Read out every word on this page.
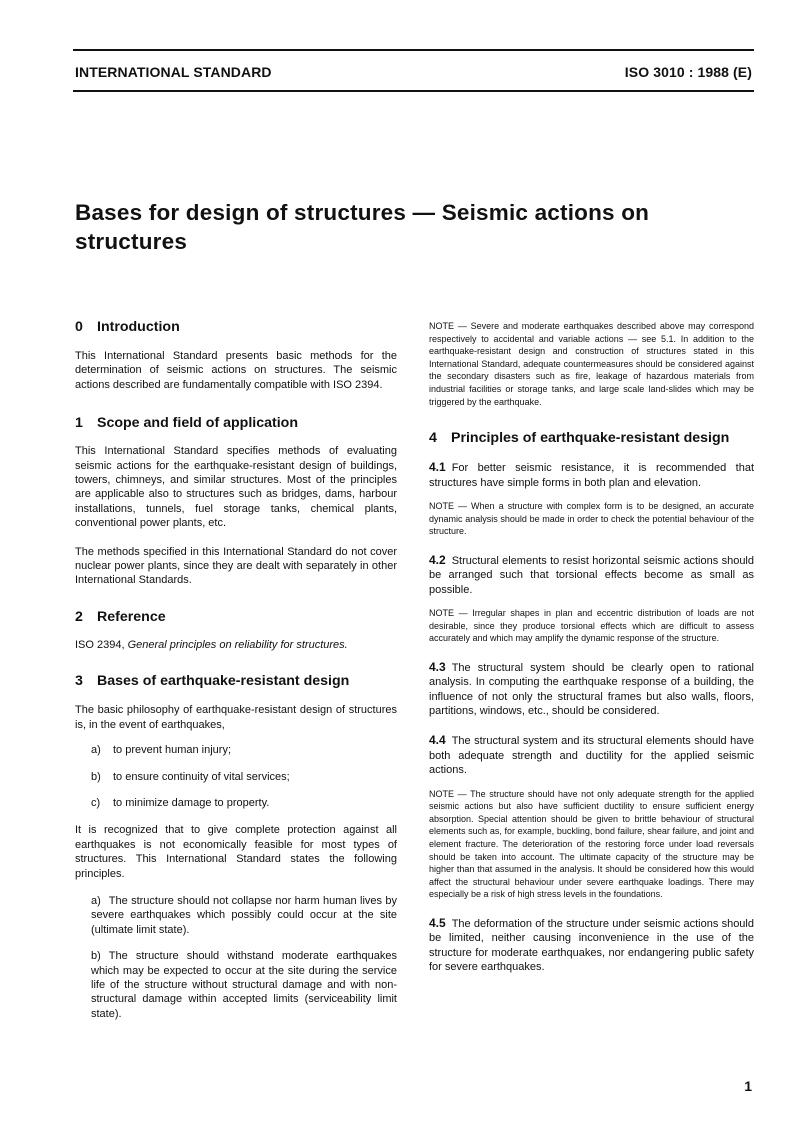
INTERNATIONAL STANDARD	ISO 3010 : 1988 (E)
Bases for design of structures — Seismic actions on structures
0 Introduction

This International Standard presents basic methods for the determination of seismic actions on structures. The seismic actions described are fundamentally compatible with ISO 2394.

1 Scope and field of application

This International Standard specifies methods of evaluating seismic actions for the earthquake-resistant design of buildings, towers, chimneys, and similar structures. Most of the principles are applicable also to structures such as bridges, dams, harbour installations, tunnels, fuel storage tanks, chemical plants, conventional power plants, etc.

The methods specified in this International Standard do not cover nuclear power plants, since they are dealt with separately in other International Standards.

2 Reference

ISO 2394, General principles on reliability for structures.

3 Bases of earthquake-resistant design

The basic philosophy of earthquake-resistant design of structures is, in the event of earthquakes,

a) to prevent human injury;
b) to ensure continuity of vital services;
c) to minimize damage to property.

It is recognized that to give complete protection against all earthquakes is not economically feasible for most types of structures. This International Standard states the following principles.

a) The structure should not collapse nor harm human lives by severe earthquakes which possibly could occur at the site (ultimate limit state).

b) The structure should withstand moderate earthquakes which may be expected to occur at the site during the service life of the structure without structural damage and with non-structural damage within accepted limits (serviceability limit state).

NOTE — Severe and moderate earthquakes described above may correspond respectively to accidental and variable actions — see 5.1. In addition to the earthquake-resistant design and construction of structures stated in this International Standard, adequate countermeasures should be considered against the secondary disasters such as fire, leakage of hazardous materials from industrial facilities or storage tanks, and large scale land-slides which may be triggered by the earthquake.

4 Principles of earthquake-resistant design

4.1 For better seismic resistance, it is recommended that structures have simple forms in both plan and elevation.

NOTE — When a structure with complex form is to be designed, an accurate dynamic analysis should be made in order to check the potential behaviour of the structure.

4.2 Structural elements to resist horizontal seismic actions should be arranged such that torsional effects become as small as possible.

NOTE — Irregular shapes in plan and eccentric distribution of loads are not desirable, since they produce torsional effects which are difficult to assess accurately and which may amplify the dynamic response of the structure.

4.3 The structural system should be clearly open to rational analysis. In computing the earthquake response of a building, the influence of not only the structural frames but also walls, floors, partitions, windows, etc., should be considered.

4.4 The structural system and its structural elements should have both adequate strength and ductility for the applied seismic actions.

NOTE — The structure should have not only adequate strength for the applied seismic actions but also have sufficient ductility to ensure sufficient energy absorption. Special attention should be given to brittle behaviour of structural elements such as, for example, buckling, bond failure, shear failure, and joint and element fracture. The deterioration of the restoring force under load reversals should be taken into account. The ultimate capacity of the structure may be higher than that assumed in the analysis. It should be considered how this would affect the structural behaviour under severe earthquake loadings. There may especially be a risk of high stress levels in the foundations.

4.5 The deformation of the structure under seismic actions should be limited, neither causing inconvenience in the use of the structure for moderate earthquakes, nor endangering public safety for severe earthquakes.

1
